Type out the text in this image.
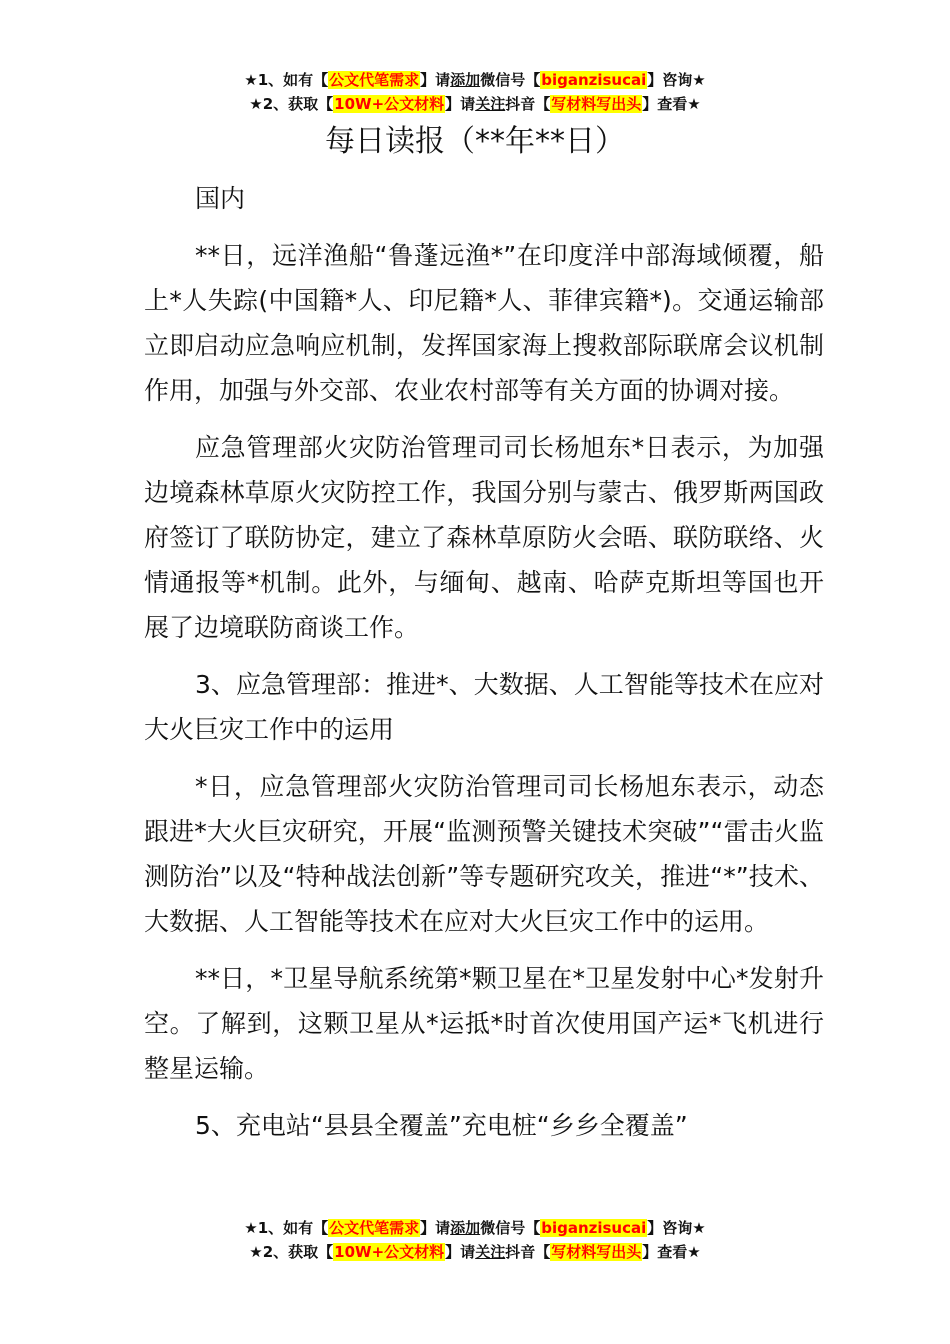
★1、如有【公文代笔需求】请添加微信号【biganzisucai】咨询★
★2、获取【10W+公文材料】请关注抖音【写材料写出头】查看★
每日读报（**年**日）

国内

**日，远洋渔船“鲁蓬远渔*”在印度洋中部海域倾覆，船上*人失踪(中国籍*人、印尼籍*人、菲律宾籍*)。交通运输部立即启动应急响应机制，发挥国家海上搜救部际联席会议机制作用，加强与外交部、农业农村部等有关方面的协调对接。

应急管理部火灾防治管理司司长杨旭东*日表示，为加强边境森林草原火灾防控工作，我国分别与蒙古、俄罗斯两国政府签订了联防协定，建立了森林草原防火会晤、联防联络、火情通报等*机制。此外，与缅甸、越南、哈萨克斯坦等国也开展了边境联防商谈工作。

3、应急管理部：推进*、大数据、人工智能等技术在应对大火巨灾工作中的运用

*日，应急管理部火灾防治管理司司长杨旭东表示，动态跟进*大火巨灾研究，开展“监测预警关键技术突破”“雷击火监测防治”以及“特种战法创新”等专题研究攻关，推进“*”技术、大数据、人工智能等技术在应对大火巨灾工作中的运用。

**日，*卫星导航系统第*颗卫星在*卫星发射中心*发射升空。了解到，这颗卫星从*运抵*时首次使用国产运*飞机进行整星运输。

5、充电站“县县全覆盖”充电桩“乡乡全覆盖”

★1、如有【公文代笔需求】请添加微信号【biganzisucai】咨询★
★2、获取【10W+公文材料】请关注抖音【写材料写出头】查看★
